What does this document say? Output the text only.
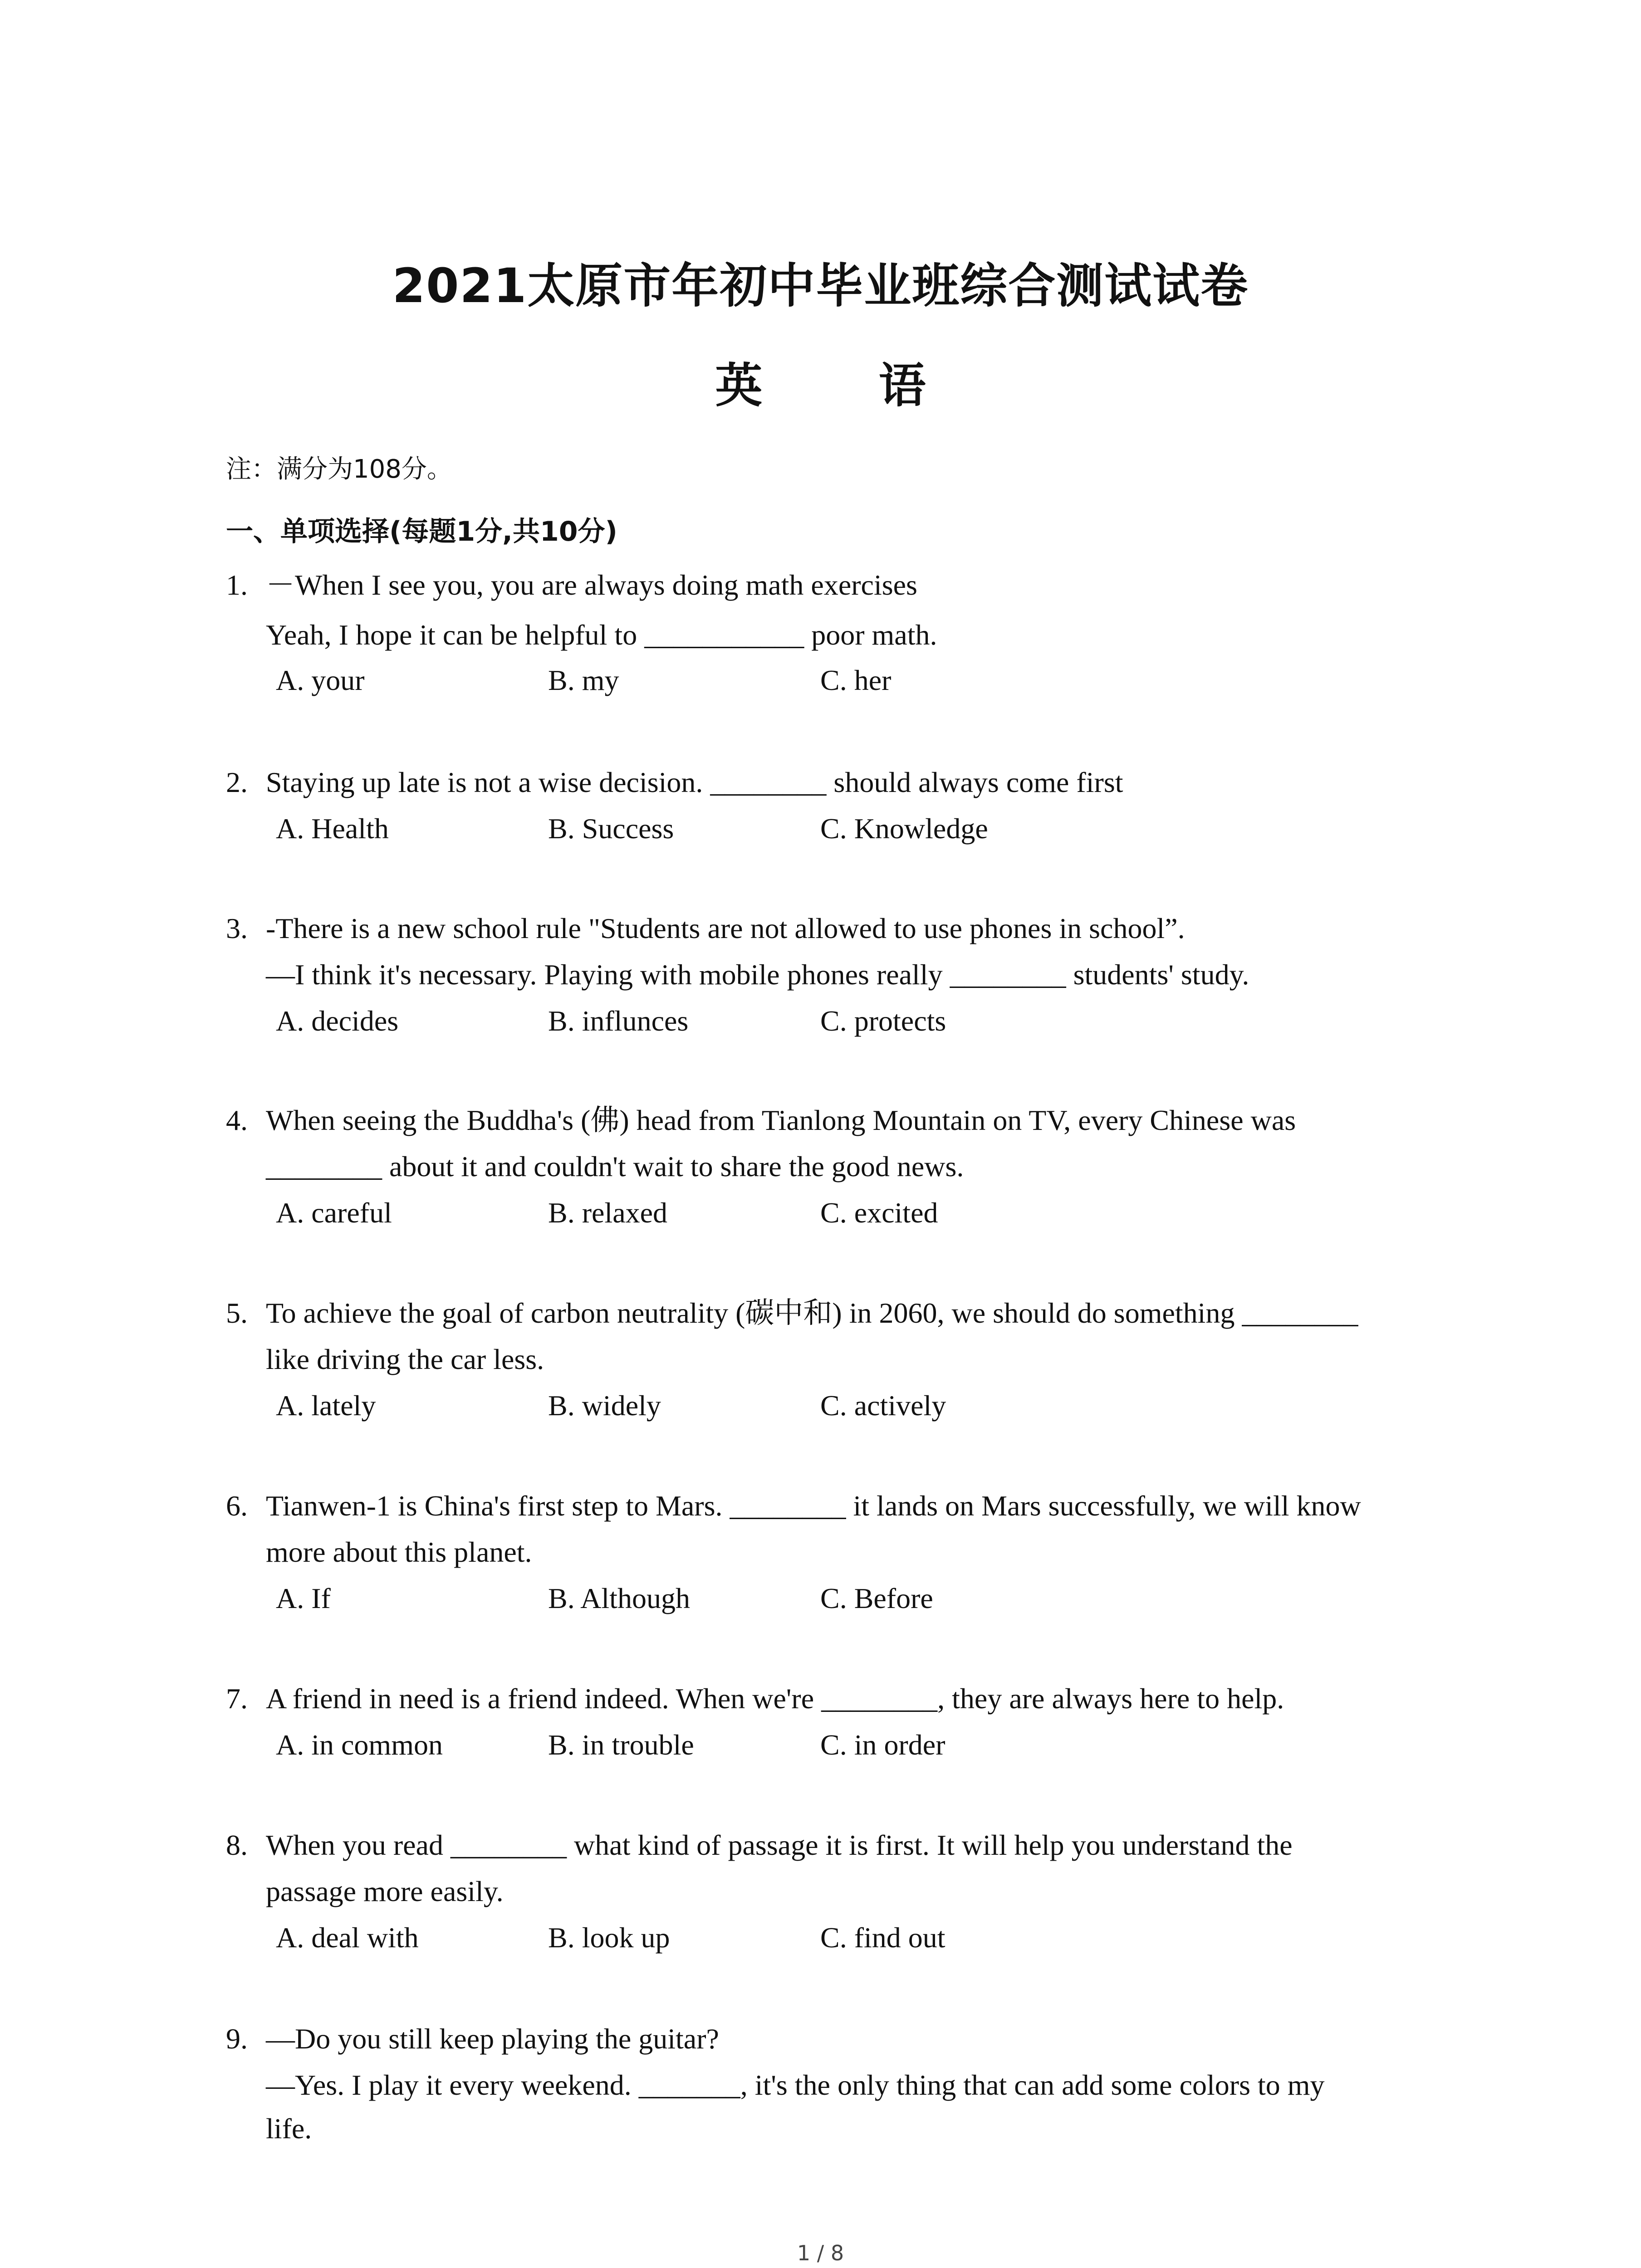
2021太原市年初中毕业班综合测试试卷
英 语
注：满分为108分。
一、单项选择(每题1分,共10分)
1. －When I see you, you are always doing math exercises
Yeah, I hope it can be helpful to ___________ poor math.
A. your	B. my	C. her
2. Staying up late is not a wise decision. ________ should always come first
A. Health	B. Success	C. Knowledge
3. -There is a new school rule "Students are not allowed to use phones in school”.
—I think it's necessary. Playing with mobile phones really ________ students' study.
A. decides	B. influnces	C. protects
4. When seeing the Buddha's (佛) head from Tianlong Mountain on TV, every Chinese was
________ about it and couldn't wait to share the good news.
A. careful	B. relaxed	C. excited
5. To achieve the goal of carbon neutrality (碳中和) in 2060, we should do something ________
like driving the car less.
A. lately	B. widely	C. actively
6. Tianwen-1 is China's first step to Mars. ________ it lands on Mars successfully, we will know
more about this planet.
A. If	B. Although	C. Before
7. A friend in need is a friend indeed. When we're ________, they are always here to help.
A. in common	B. in trouble	C. in order
8. When you read ________ what kind of passage it is first. It will help you understand the
passage more easily.
A. deal with	B. look up	C. find out
9. —Do you still keep playing the guitar?
—Yes. I play it every weekend. _______, it's the only thing that can add some colors to my
life.
1 / 8
